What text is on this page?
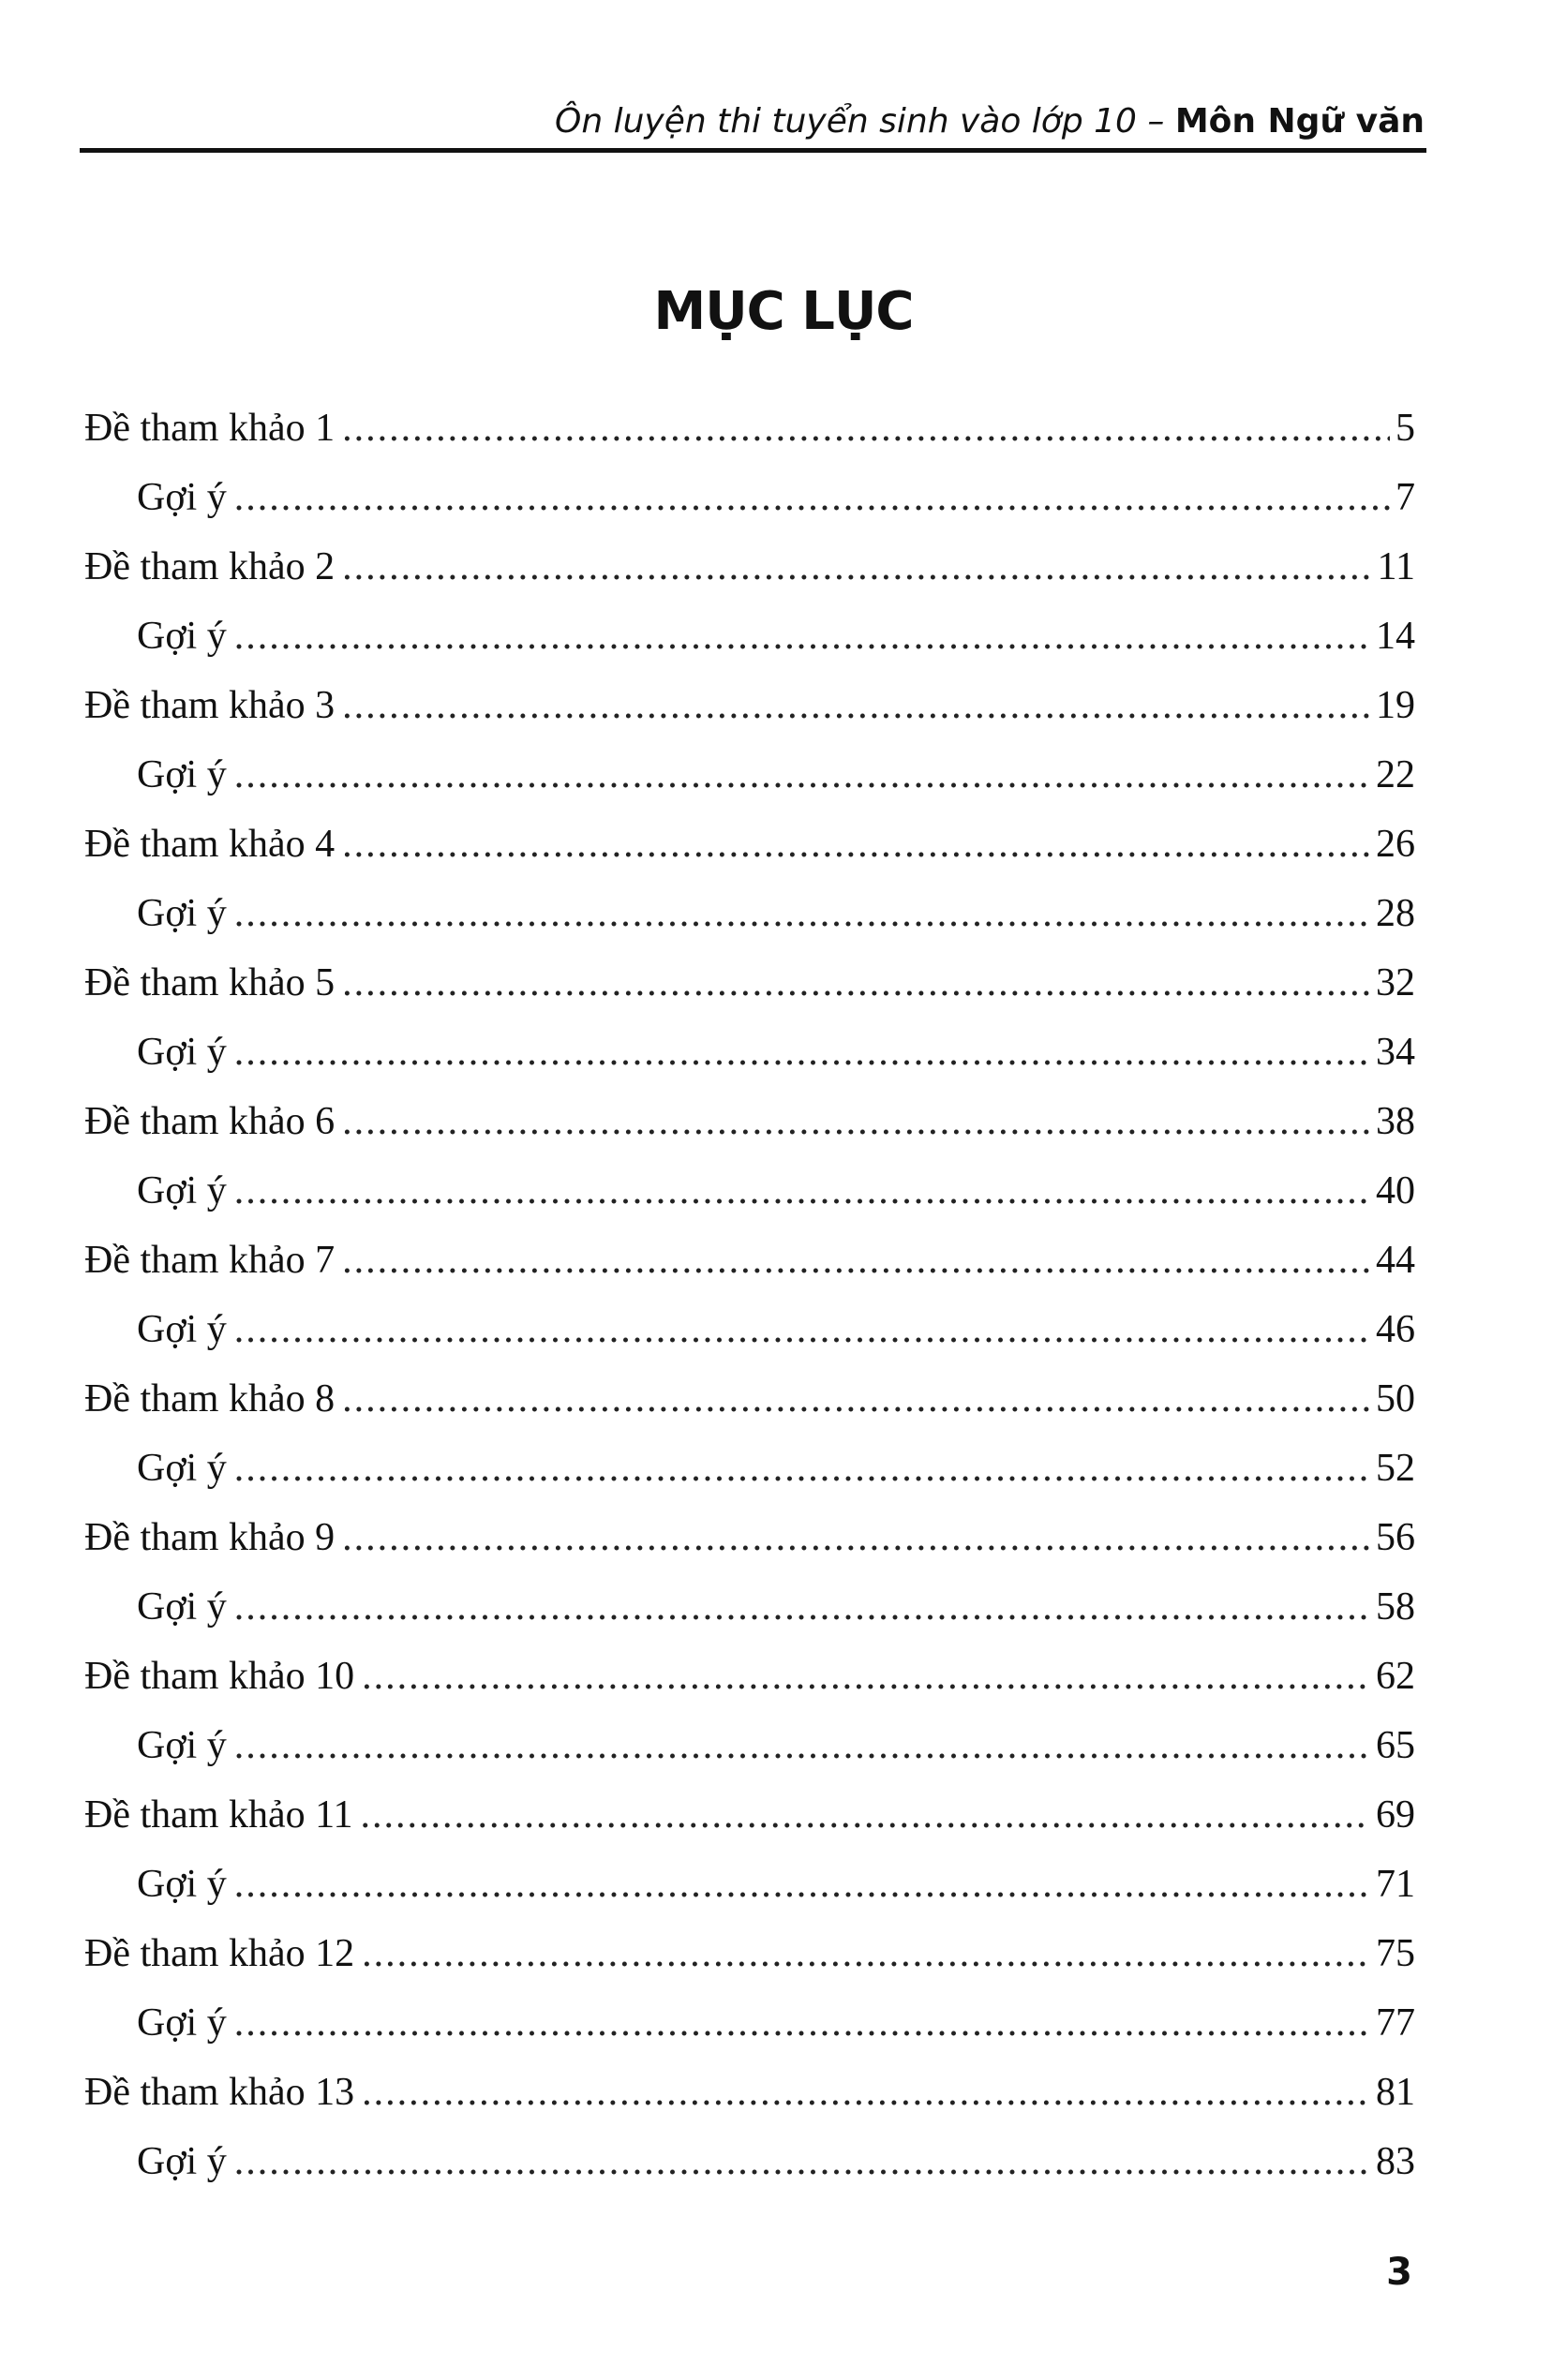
Ôn luyện thi tuyển sinh vào lớp 10 – Môn Ngữ văn
MỤC LỤC
Đề tham khảo 1 .....	5
Gợi ý .....	7
Đề tham khảo 2 .....	11
Gợi ý .....	14
Đề tham khảo 3 .....	19
Gợi ý .....	22
Đề tham khảo 4 .....	26
Gợi ý .....	28
Đề tham khảo 5 .....	32
Gợi ý .....	34
Đề tham khảo 6 .....	38
Gợi ý .....	40
Đề tham khảo 7 .....	44
Gợi ý .....	46
Đề tham khảo 8 .....	50
Gợi ý .....	52
Đề tham khảo 9 .....	56
Gợi ý .....	58
Đề tham khảo 10 .....	62
Gợi ý .....	65
Đề tham khảo 11 .....	69
Gợi ý .....	71
Đề tham khảo 12 .....	75
Gợi ý .....	77
Đề tham khảo 13 .....	81
Gợi ý .....	83
3
